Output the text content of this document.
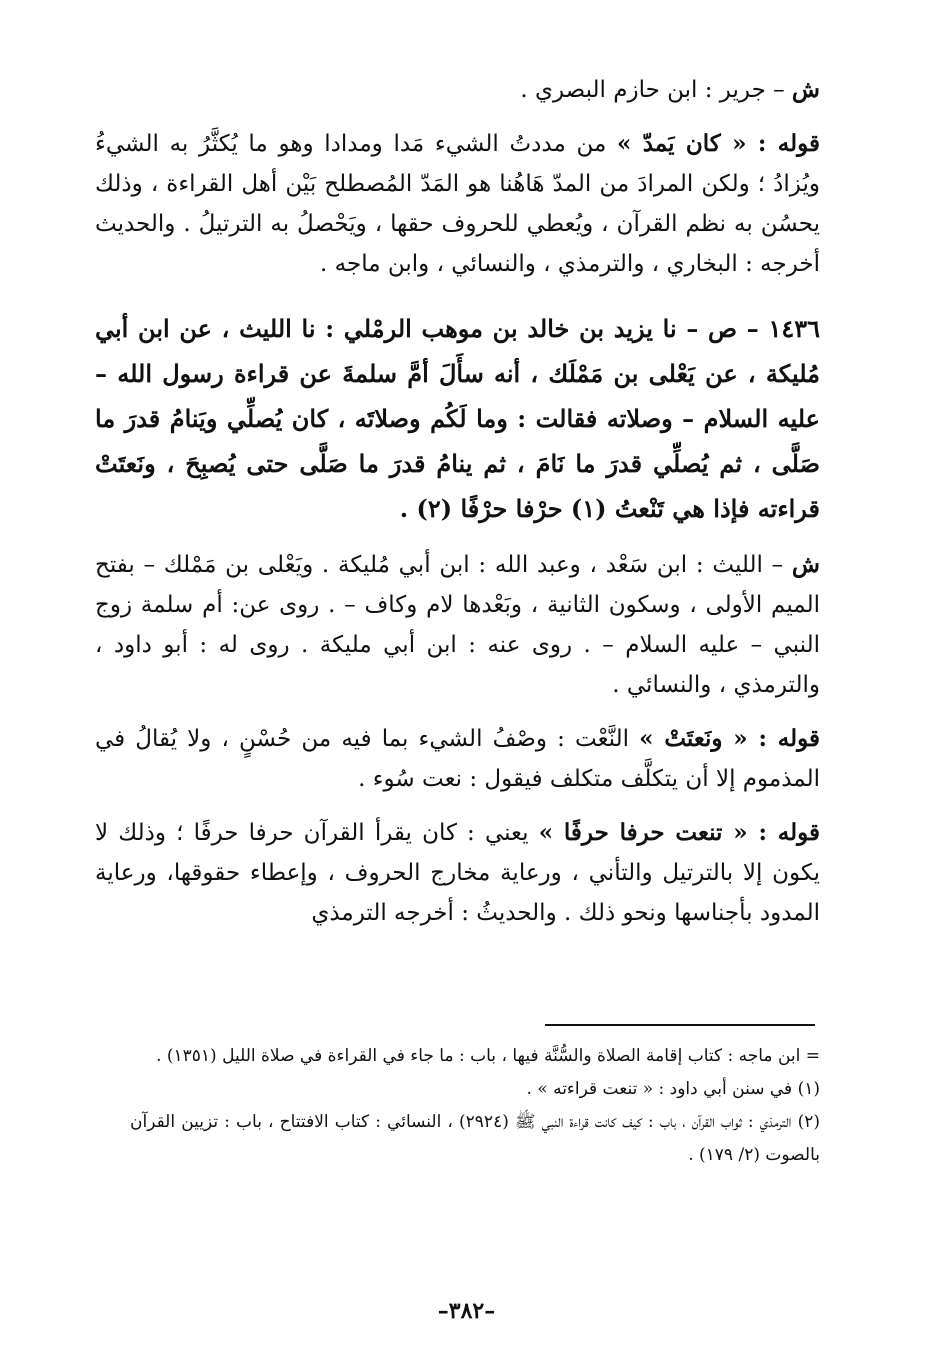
ش – جرير : ابن حازم البصري .

قوله : « كان يَمدّ » من مددتُ الشيء مَدا ومدادا وهو ما يُكثَّرُ به الشيءُ ويُزادُ ؛ ولكن المرادَ من المدّ هَاهُنا هو المَدّ المُصطلح بَيْن أهل القراءة ، وذلك يحسُن به نظم القرآن ، ويُعطي للحروف حقها ، ويَحْصلُ به الترتيلُ . والحديث أخرجه : البخاري ، والترمذي ، والنسائي ، وابن ماجه .

١٤٣٦ – ص – نا يزيد بن خالد بن موهب الرمْلي : نا الليث ، عن ابن أبي مُليكة ، عن يَعْلى بن مَمْلَك ، أنه سأَلَ أمَّ سلمةَ عن قراءة رسول الله –عليه السلام – وصلاته فقالت : وما لَكُم وصلاتَه ، كان يُصلِّي ويَنامُ قدرَ ما صَلَّى ، ثم يُصلِّي قدرَ ما نَامَ ، ثم ينامُ قدرَ ما صَلَّى حتى يُصبِحَ ، ونَعتَتْ قراءته فإذا هي تَنْعتُ (١) حرْفا حرْفًا (٢) .

ش – الليث : ابن سَعْد ، وعبد الله : ابن أبي مُليكة . ويَعْلى بن مَمْلك – بفتح الميم الأولى ، وسكون الثانية ، وبَعْدها لام وكاف – . روى عن: أم سلمة زوج النبي – عليه السلام – . روى عنه : ابن أبي مليكة . روى له : أبو داود ، والترمذي ، والنسائي .

قوله : « ونَعتَتْ » النَّعْت : وصْفُ الشيء بما فيه من حُسْنٍ ، ولا يُقالُ في المذموم إلا أن يتكلَّف متكلف فيقول : نعت سُوء .

قوله : « تنعت حرفا حرفًا » يعني : كان يقرأ القرآن حرفا حرفًا ؛ وذلك لا يكون إلا بالترتيل والتأني ، ورعاية مخارج الحروف ، وإعطاء حقوقها، ورعاية المدود بأجناسها ونحو ذلك . والحديثُ : أخرجه الترمذي

= ابن ماجه : كتاب إقامة الصلاة والسُّنَّة فيها ، باب : ما جاء في القراءة في صلاة الليل (١٣٥١) .

(١) في سنن أبي داود : « تنعت قراءته » .

(٢) الترمذي : ثواب القرآن ، باب : كيف كانت قراءة النبي ﷺ (٢٩٢٤) ، النسائي : كتاب الافتتاح ، باب : تزيين القرآن بالصوت (٢/ ١٧٩) .

–٣٨٢–
